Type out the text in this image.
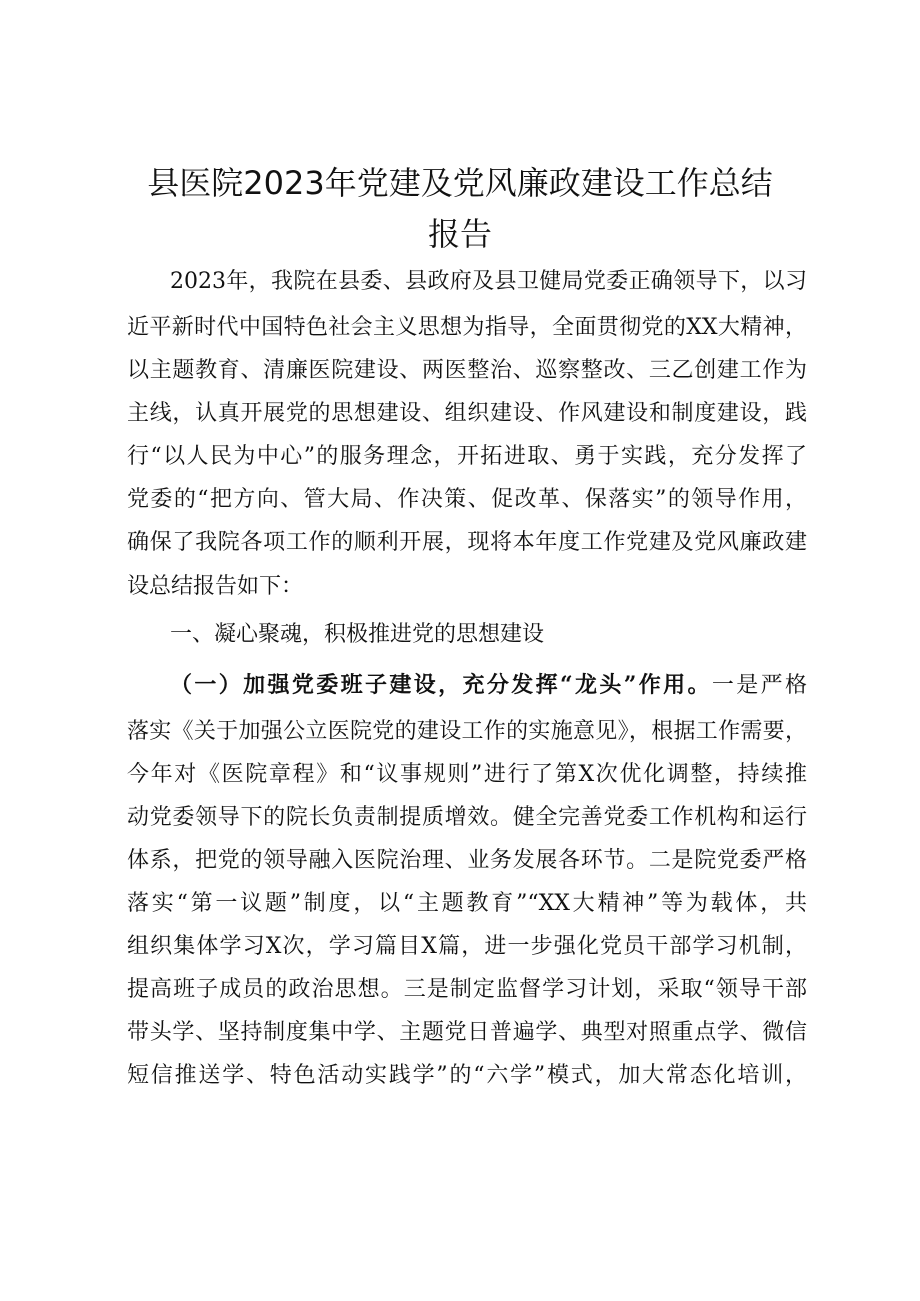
县医院2023年党建及党风廉政建设工作总结
报告
2023年，我院在县委、县政府及县卫健局党委正确领导下，以习
近平新时代中国特色社会主义思想为指导，全面贯彻党的XX大精神，
以主题教育、清廉医院建设、两医整治、巡察整改、三乙创建工作为
主线，认真开展党的思想建设、组织建设、作风建设和制度建设，践
行“以人民为中心”的服务理念，开拓进取、勇于实践，充分发挥了
党委的“把方向、管大局、作决策、促改革、保落实”的领导作用，
确保了我院各项工作的顺利开展，现将本年度工作党建及党风廉政建
设总结报告如下：
一、凝心聚魂，积极推进党的思想建设
（一）加强党委班子建设，充分发挥“龙头”作用。一是严格
落实《关于加强公立医院党的建设工作的实施意见》，根据工作需要，
今年对《医院章程》和“议事规则”进行了第X次优化调整，持续推
动党委领导下的院长负责制提质增效。健全完善党委工作机构和运行
体系，把党的领导融入医院治理、业务发展各环节。二是院党委严格
落实“第一议题”制度，以“主题教育”“XX大精神”等为载体，共
组织集体学习X次，学习篇目X篇，进一步强化党员干部学习机制，
提高班子成员的政治思想。三是制定监督学习计划，采取“领导干部
带头学、坚持制度集中学、主题党日普遍学、典型对照重点学、微信
短信推送学、特色活动实践学”的“六学”模式，加大常态化培训，
